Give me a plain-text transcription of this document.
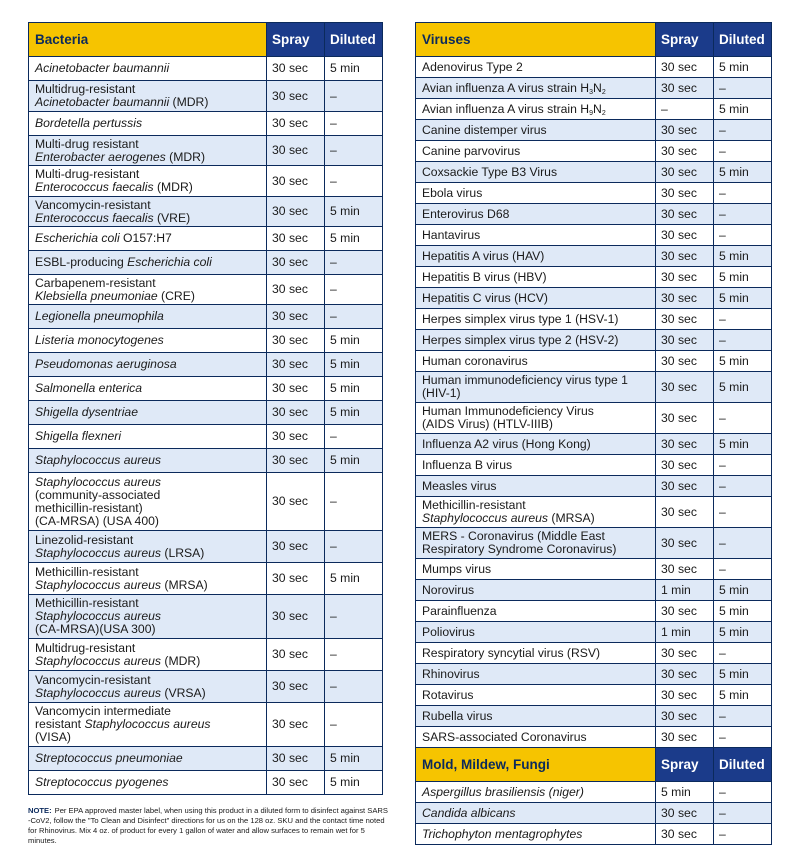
Bacteria	Spray	Diluted
Acinetobacter baumannii	30 sec	5 min
Multidrug-resistant
Acinetobacter baumannii (MDR)	30 sec	–
Bordetella pertussis	30 sec	–
Multi-drug resistant
Enterobacter aerogenes (MDR)	30 sec	–
Multi-drug-resistant
Enterococcus faecalis (MDR)	30 sec	–
Vancomycin-resistant
Enterococcus faecalis (VRE)	30 sec	5 min
Escherichia coli O157:H7	30 sec	5 min
ESBL-producing Escherichia coli	30 sec	–
Carbapenem-resistant
Klebsiella pneumoniae (CRE)	30 sec	–
Legionella pneumophila	30 sec	–
Listeria monocytogenes	30 sec	5 min
Pseudomonas aeruginosa	30 sec	5 min
Salmonella enterica	30 sec	5 min
Shigella dysentriae	30 sec	5 min
Shigella flexneri	30 sec	–
Staphylococcus aureus	30 sec	5 min
Staphylococcus aureus
(community-associated
methicillin-resistant)
(CA-MRSA) (USA 400)	30 sec	–
Linezolid-resistant
Staphylococcus aureus (LRSA)	30 sec	–
Methicillin-resistant
Staphylococcus aureus (MRSA)	30 sec	5 min
Methicillin-resistant
Staphylococcus aureus
(CA-MRSA)(USA 300)	30 sec	–
Multidrug-resistant
Staphylococcus aureus (MDR)	30 sec	–
Vancomycin-resistant
Staphylococcus aureus (VRSA)	30 sec	–
Vancomycin intermediate
resistant Staphylococcus aureus
(VISA)	30 sec	–
Streptococcus pneumoniae	30 sec	5 min
Streptococcus pyogenes	30 sec	5 min
Viruses	Spray	Diluted
Adenovirus Type 2	30 sec	5 min
Avian influenza A virus strain $H_3N_2$	30 sec	–
Avian influenza A virus strain $H_9N_2$	–	5 min
Canine distemper virus	30 sec	–
Canine parvovirus	30 sec	–
Coxsackie Type B3 Virus	30 sec	5 min
Ebola virus	30 sec	–
Enterovirus D68	30 sec	–
Hantavirus	30 sec	–
Hepatitis A virus (HAV)	30 sec	5 min
Hepatitis B virus (HBV)	30 sec	5 min
Hepatitis C virus (HCV)	30 sec	5 min
Herpes simplex virus type 1 (HSV-1)	30 sec	–
Herpes simplex virus type 2 (HSV-2)	30 sec	–
Human coronavirus	30 sec	5 min
Human immunodeficiency virus type 1
(HIV-1)	30 sec	5 min
Human Immunodeficiency Virus
(AIDS Virus) (HTLV-IIIB)	30 sec	–
Influenza A2 virus (Hong Kong)	30 sec	5 min
Influenza B virus	30 sec	–
Measles virus	30 sec	–
Methicillin-resistant
Staphylococcus aureus (MRSA)	30 sec	–
MERS - Coronavirus (Middle East
Respiratory Syndrome Coronavirus)	30 sec	–
Mumps virus	30 sec	–
Norovirus	1 min	5 min
Parainfluenza	30 sec	5 min
Poliovirus	1 min	5 min
Respiratory syncytial virus (RSV)	30 sec	–
Rhinovirus	30 sec	5 min
Rotavirus	30 sec	5 min
Rubella virus	30 sec	–
SARS-associated Coronavirus	30 sec	–
Mold, Mildew, Fungi	Spray	Diluted
Aspergillus brasiliensis (niger)	5 min	–
Candida albicans	30 sec	–
Trichophyton mentagrophytes	30 sec	–
NOTE: Per EPA approved master label, when using this product in a diluted form to disinfect against SARS -CoV2, follow the "To Clean and Disinfect" directions for us on the 128 oz. SKU and the contact time noted for Rhinovirus. Mix 4 oz. of product for every 1 gallon of water and allow surfaces to remain wet for 5 minutes.
